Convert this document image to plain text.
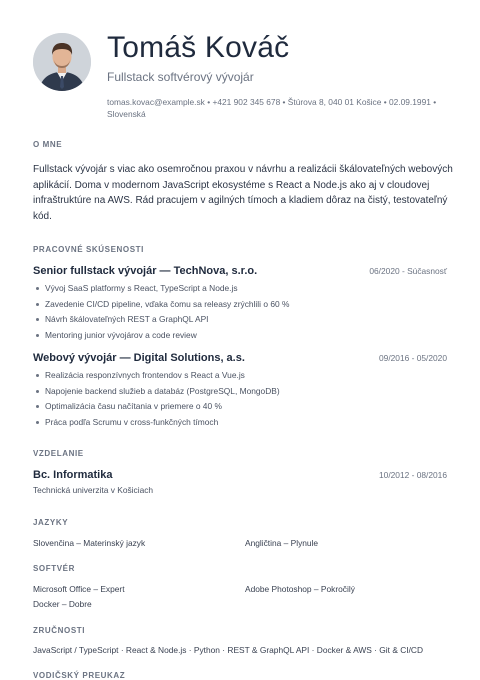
Tomáš Kováč
Fullstack softvérový vývojár
tomas.kovac@example.sk • +421 902 345 678 • Štúrova 8, 040 01 Košice • 02.09.1991 • Slovenská
O MNE
Fullstack vývojár s viac ako osemročnou praxou v návrhu a realizácii škálovateľných webových aplikácií. Doma v modernom JavaScript ekosystéme s React a Node.js ako aj v cloudovej infraštruktúre na AWS. Rád pracujem v agilných tímoch a kladiem dôraz na čistý, testovateľný kód.
PRACOVNÉ SKÚSENOSTI
Senior fullstack vývojár — TechNova, s.r.o.	06/2020 - Súčasnosť
Vývoj SaaS platformy s React, TypeScript a Node.js
Zavedenie CI/CD pipeline, vďaka čomu sa releasy zrýchlili o 60 %
Návrh škálovateľných REST a GraphQL API
Mentoring junior vývojárov a code review
Webový vývojár — Digital Solutions, a.s.	09/2016 - 05/2020
Realizácia responzívnych frontendov s React a Vue.js
Napojenie backend služieb a databáz (PostgreSQL, MongoDB)
Optimalizácia času načítania v priemere o 40 %
Práca podľa Scrumu v cross-funkčných tímoch
VZDELANIE
Bc. Informatika	10/2012 - 08/2016
Technická univerzita v Košiciach
JAZYKY
Slovenčina – Materinský jazyk	Angličtina – Plynule
SOFTVÉR
Microsoft Office – Expert	Adobe Photoshop – Pokročilý
Docker – Dobre
ZRUČNOSTI
JavaScript / TypeScript · React & Node.js · Python · REST & GraphQL API · Docker & AWS · Git & CI/CD
VODIČSKÝ PREUKAZ
